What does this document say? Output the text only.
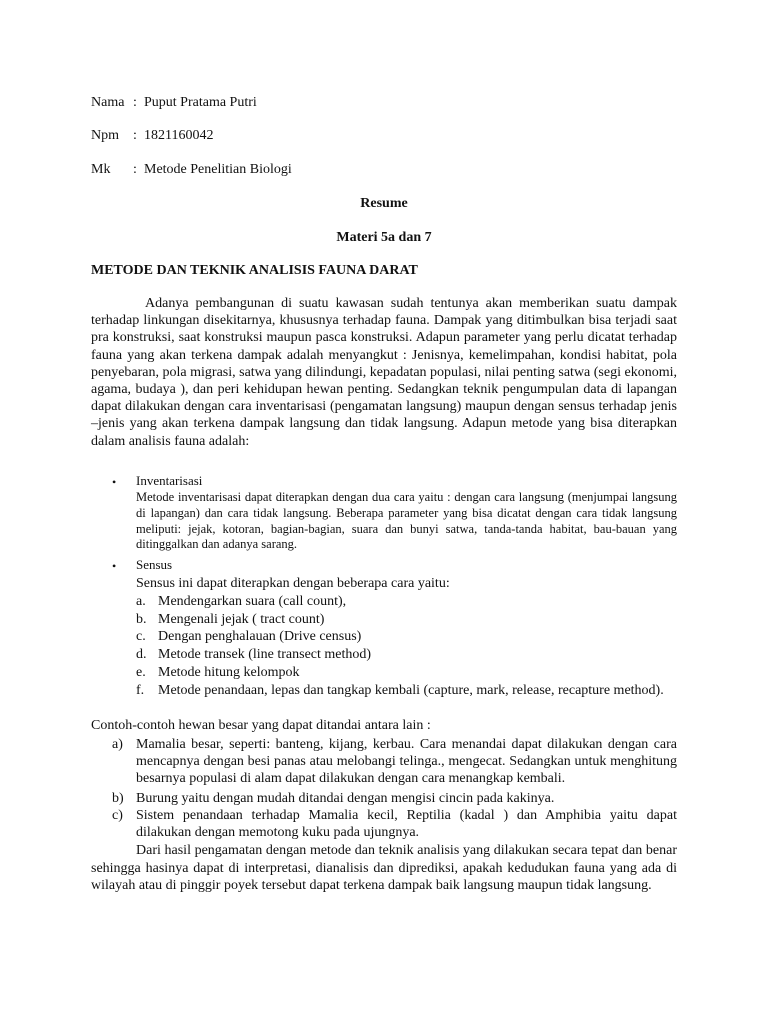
Nama : Puput Pratama Putri
Npm : 1821160042
Mk : Metode Penelitian Biologi
Resume
Materi 5a dan 7
METODE DAN TEKNIK ANALISIS FAUNA DARAT

Adanya pembangunan di suatu kawasan sudah tentunya akan memberikan suatu dampak terhadap linkungan disekitarnya, khususnya terhadap fauna. Dampak yang ditimbulkan bisa terjadi saat pra konstruksi, saat konstruksi maupun pasca konstruksi. Adapun parameter yang perlu dicatat terhadap fauna yang akan terkena dampak adalah menyangkut : Jenisnya, kemelimpahan, kondisi habitat, pola penyebaran, pola migrasi, satwa yang dilindungi, kepadatan populasi, nilai penting satwa (segi ekonomi, agama, budaya ), dan peri kehidupan hewan penting. Sedangkan teknik pengumpulan data di lapangan dapat dilakukan dengan cara inventarisasi (pengamatan langsung) maupun dengan sensus terhadap jenis –jenis yang akan terkena dampak langsung dan tidak langsung. Adapun metode yang bisa diterapkan dalam analisis fauna adalah:

• Inventarisasi

Metode inventarisasi dapat diterapkan dengan dua cara yaitu : dengan cara langsung (menjumpai langsung di lapangan) dan cara tidak langsung. Beberapa parameter yang bisa dicatat dengan cara tidak langsung meliputi: jejak, kotoran, bagian-bagian, suara dan bunyi satwa, tanda-tanda habitat, bau-bauan yang ditinggalkan dan adanya sarang.

• Sensus

Sensus ini dapat diterapkan dengan beberapa cara yaitu:

a. Mendengarkan suara (call count),
b. Mengenali jejak ( tract count)
c. Dengan penghalauan (Drive census)
d. Metode transek (line transect method)
e. Metode hitung kelompok
f. Metode penandaan, lepas dan tangkap kembali (capture, mark, release, recapture method).
Contoh-contoh hewan besar yang dapat ditandai antara lain :
a) Mamalia besar, seperti: banteng, kijang, kerbau. Cara menandai dapat dilakukan dengan cara mencapnya dengan besi panas atau melobangi telinga., mengecat. Sedangkan untuk menghitung besarnya populasi di alam dapat dilakukan dengan cara menangkap kembali.
b) Burung yaitu dengan mudah ditandai dengan mengisi cincin pada kakinya.
c) Sistem penandaan terhadap Mamalia kecil, Reptilia (kadal ) dan Amphibia yaitu dapat dilakukan dengan memotong kuku pada ujungnya.

Dari hasil pengamatan dengan metode dan teknik analisis yang dilakukan secara tepat dan benar sehingga hasinya dapat di interpretasi, dianalisis dan diprediksi, apakah kedudukan fauna yang ada di wilayah atau di pinggir poyek tersebut dapat terkena dampak baik langsung maupun tidak langsung.
